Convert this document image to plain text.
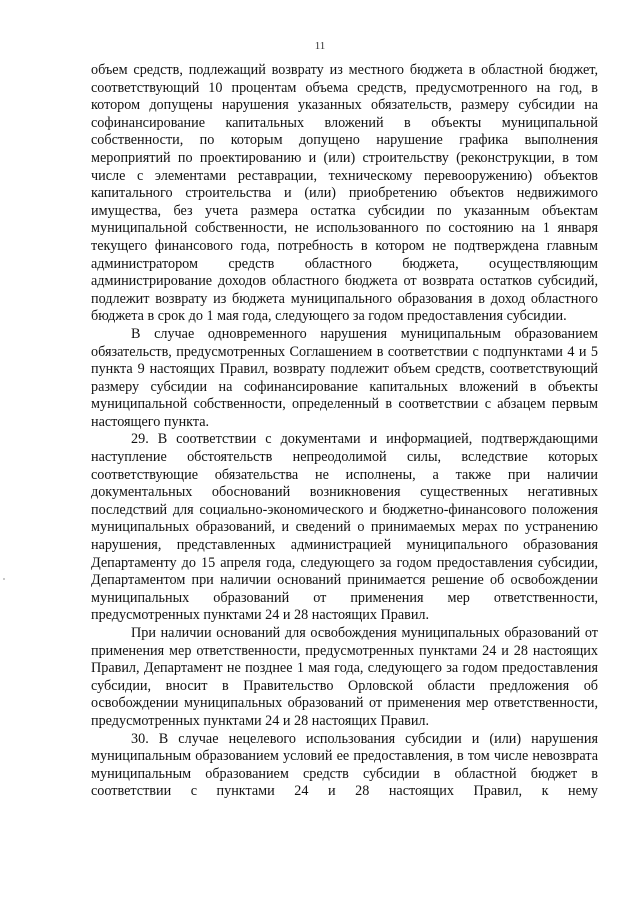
11

объем средств, подлежащий возврату из местного бюджета в областной бюджет, соответствующий 10 процентам объема средств, предусмотренного на год, в котором допущены нарушения указанных обязательств, размеру субсидии на софинансирование капитальных вложений в объекты муниципальной собственности, по которым допущено нарушение графика выполнения мероприятий по проектированию и (или) строительству (реконструкции, в том числе с элементами реставрации, техническому перевооружению) объектов капитального строительства и (или) приобретению объектов недвижимого имущества, без учета размера остатка субсидии по указанным объектам муниципальной собственности, не использованного по состоянию на 1 января текущего финансового года, потребность в котором не подтверждена главным администратором средств областного бюджета, осуществляющим администрирование доходов областного бюджета от возврата остатков субсидий, подлежит возврату из бюджета муниципального образования в доход областного бюджета в срок до 1 мая года, следующего за годом предоставления субсидии.

В случае одновременного нарушения муниципальным образованием обязательств, предусмотренных Соглашением в соответствии с подпунктами 4 и 5 пункта 9 настоящих Правил, возврату подлежит объем средств, соответствующий размеру субсидии на софинансирование капитальных вложений в объекты муниципальной собственности, определенный в соответствии с абзацем первым настоящего пункта.

29. В соответствии с документами и информацией, подтверждающими наступление обстоятельств непреодолимой силы, вследствие которых соответствующие обязательства не исполнены, а также при наличии документальных обоснований возникновения существенных негативных последствий для социально-экономического и бюджетно-финансового положения муниципальных образований, и сведений о принимаемых мерах по устранению нарушения, представленных администрацией муниципального образования Департаменту до 15 апреля года, следующего за годом предоставления субсидии, Департаментом при наличии оснований принимается решение об освобождении муниципальных образований от применения мер ответственности, предусмотренных пунктами 24 и 28 настоящих Правил.

При наличии оснований для освобождения муниципальных образований от применения мер ответственности, предусмотренных пунктами 24 и 28 настоящих Правил, Департамент не позднее 1 мая года, следующего за годом предоставления субсидии, вносит в Правительство Орловской области предложения об освобождении муниципальных образований от применения мер ответственности, предусмотренных пунктами 24 и 28 настоящих Правил.

30. В случае нецелевого использования субсидии и (или) нарушения муниципальным образованием условий ее предоставления, в том числе невозврата муниципальным образованием средств субсидии в областной бюджет в соответствии с пунктами 24 и 28 настоящих Правил, к нему
